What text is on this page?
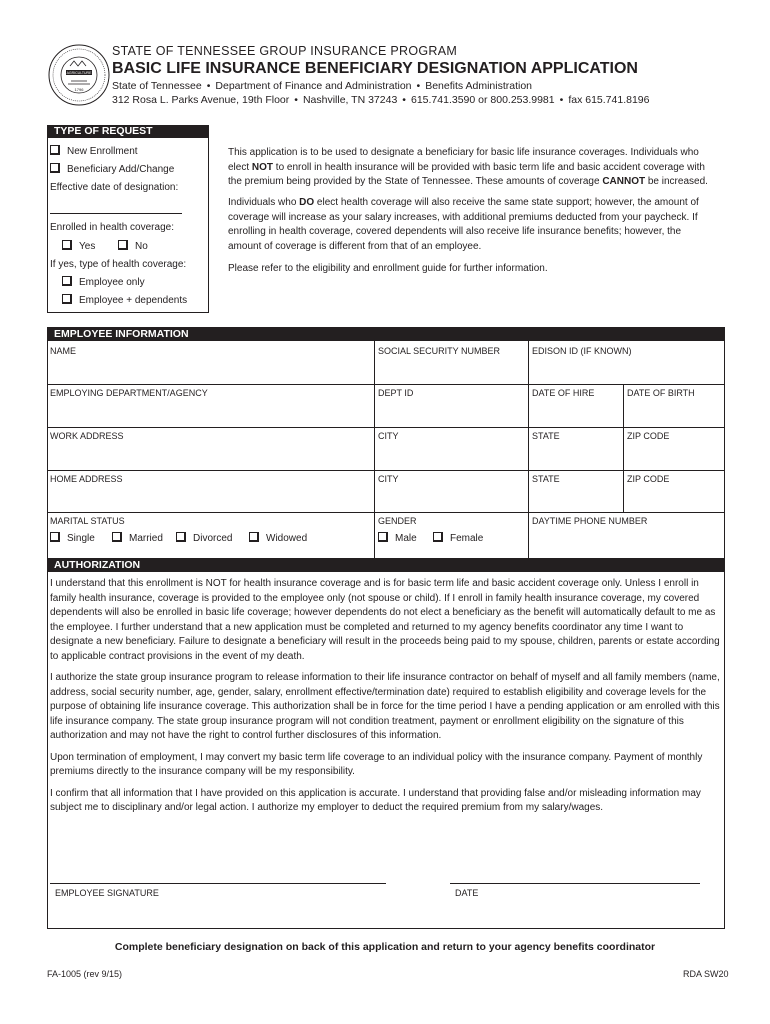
AGRICULTURE
1796
STATE OF TENNESSEE GROUP INSURANCE PROGRAM
BASIC LIFE INSURANCE BENEFICIARY DESIGNATION APPLICATION
State of Tennessee • Department of Finance and Administration • Benefits Administration
312 Rosa L. Parks Avenue, 19th Floor • Nashville, TN 37243 • 615.741.3590 or 800.253.9981 • fax 615.741.8196
TYPE OF REQUEST
New Enrollment
Beneficiary Add/Change
Effective date of designation:
Enrolled in health coverage:
Yes	No
If yes, type of health coverage:
Employee only
Employee + dependents
This application is to be used to designate a beneficiary for basic life insurance coverages. Individuals who elect NOT to enroll in health insurance will be provided with basic term life and basic accident coverage with the premium being provided by the State of Tennessee. These amounts of coverage CANNOT be increased.
Individuals who DO elect health coverage will also receive the same state support; however, the amount of coverage will increase as your salary increases, with additional premiums deducted from your paycheck. If enrolling in health coverage, covered dependents will also receive life insurance benefits; however, the amount of coverage is different from that of an employee.
Please refer to the eligibility and enrollment guide for further information.
EMPLOYEE INFORMATION
NAME	SOCIAL SECURITY NUMBER	EDISON ID (IF KNOWN)
EMPLOYING DEPARTMENT/AGENCY	DEPT ID	DATE OF HIRE	DATE OF BIRTH
WORK ADDRESS	CITY	STATE	ZIP CODE
HOME ADDRESS	CITY	STATE	ZIP CODE
MARITAL STATUS
Single	Married	Divorced	Widowed
GENDER
Male	Female
DAYTIME PHONE NUMBER
AUTHORIZATION

I understand that this enrollment is NOT for health insurance coverage and is for basic term life and basic accident coverage only. Unless I enroll in family health insurance, coverage is provided to the employee only (not spouse or child). If I enroll in family health insurance coverage, my covered dependents will also be enrolled in basic life coverage; however dependents do not elect a beneficiary as the benefit will automatically default to me as the employee. I further understand that a new application must be completed and returned to my agency benefits coordinator any time I want to designate a new beneficiary. Failure to designate a beneficiary will result in the proceeds being paid to my spouse, children, parents or estate according to applicable contract provisions in the event of my death.

I authorize the state group insurance program to release information to their life insurance contractor on behalf of myself and all family members (name, address, social security number, age, gender, salary, enrollment effective/termination date) required to establish eligibility and coverage levels for the purpose of obtaining life insurance coverage. This authorization shall be in force for the time period I have a pending application or am enrolled with this life insurance company. The state group insurance program will not condition treatment, payment or enrollment eligibility on the signature of this authorization and may not have the right to control further disclosures of this information.

Upon termination of employment, I may convert my basic term life coverage to an individual policy with the insurance company. Payment of monthly premiums directly to the insurance company will be my responsibility.

I confirm that all information that I have provided on this application is accurate. I understand that providing false and/or misleading information may subject me to disciplinary and/or legal action. I authorize my employer to deduct the required premium from my salary/wages.

EMPLOYEE SIGNATURE	DATE
Complete beneficiary designation on back of this application and return to your agency benefits coordinator
FA-1005 (rev 9/15)	RDA SW20
